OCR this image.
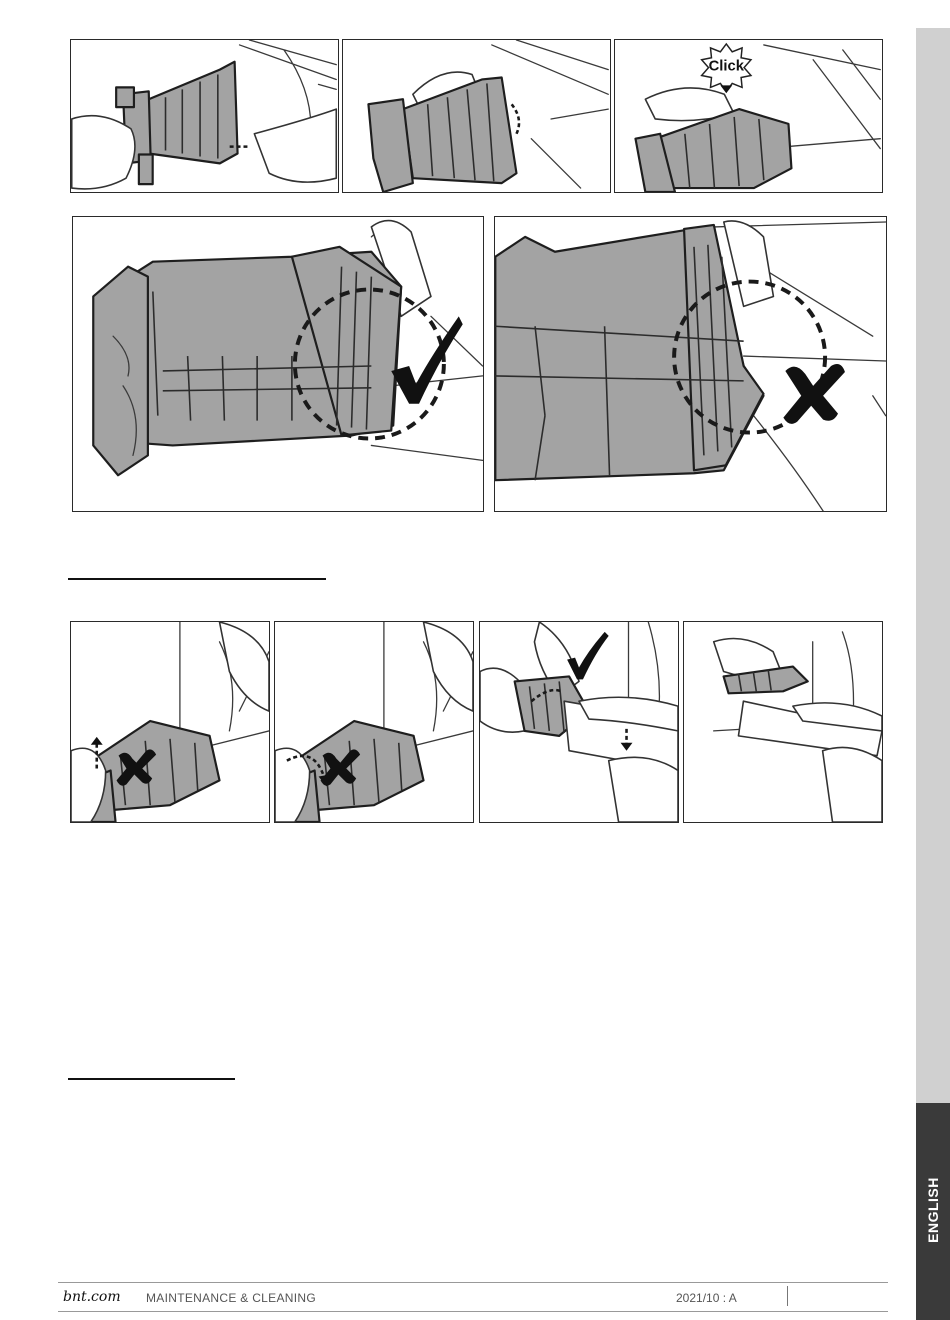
Click
ENGLISH
bnt.com MAINTENANCE & CLEANING	2021/10 : A
